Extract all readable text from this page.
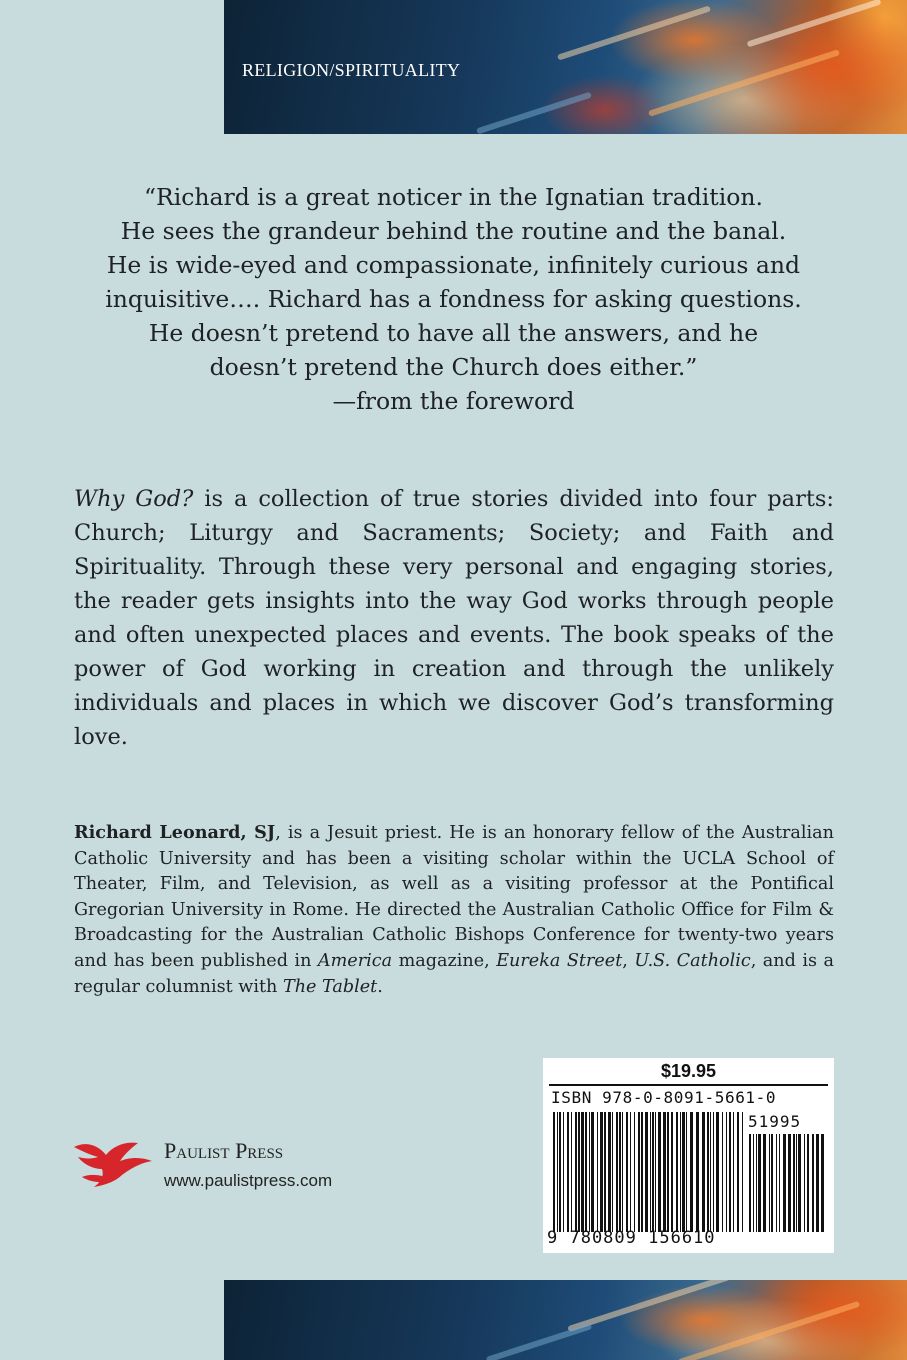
RELIGION/SPIRITUALITY

“Richard is a great noticer in the Ignatian tradition.

He sees the grandeur behind the routine and the banal.

He is wide-eyed and compassionate, infinitely curious and

inquisitive…. Richard has a fondness for asking questions.

He doesn’t pretend to have all the answers, and he

doesn’t pretend the Church does either.”

—from the foreword

Why God? is a collection of true stories divided into four parts: Church; Liturgy and Sacraments; Society; and Faith and Spirituality. Through these very personal and engaging stories, the reader gets insights into the way God works through people and often unexpected places and events. The book speaks of the power of God working in creation and through the unlikely individuals and places in which we discover God’s transforming love.

Richard Leonard, SJ, is a Jesuit priest. He is an honorary fellow of the Australian Catholic University and has been a visiting scholar within the UCLA School of Theater, Film, and Television, as well as a visiting professor at the Pontifical Gregorian University in Rome. He directed the Australian Catholic Office for Film & Broadcasting for the Australian Catholic Bishops Conference for twenty-two years and has been published in America magazine, Eureka Street, U.S. Catholic, and is a regular columnist with The Tablet.

Paulist Press
www.paulistpress.com
$19.95
ISBN 978-0-8091-5661-0
51995
9 780809 156610
